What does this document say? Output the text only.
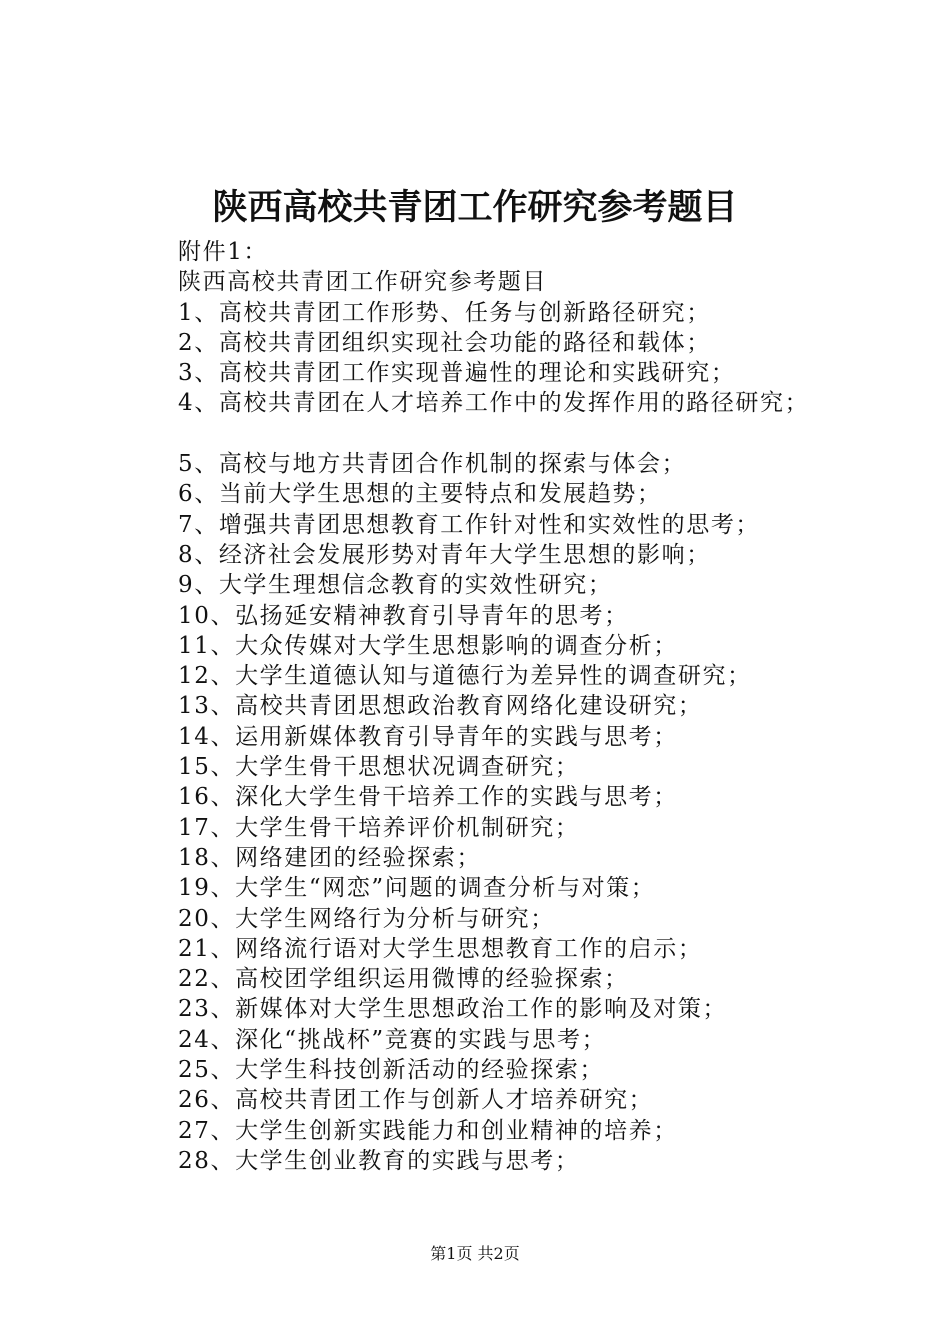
陕西高校共青团工作研究参考题目
附件1：
陕西高校共青团工作研究参考题目
1、高校共青团工作形势、任务与创新路径研究；
2、高校共青团组织实现社会功能的路径和载体；
3、高校共青团工作实现普遍性的理论和实践研究；
4、高校共青团在人才培养工作中的发挥作用的路径研究；
5、高校与地方共青团合作机制的探索与体会；
6、当前大学生思想的主要特点和发展趋势；
7、增强共青团思想教育工作针对性和实效性的思考；
8、经济社会发展形势对青年大学生思想的影响；
9、大学生理想信念教育的实效性研究；
10、弘扬延安精神教育引导青年的思考；
11、大众传媒对大学生思想影响的调查分析；
12、大学生道德认知与道德行为差异性的调查研究；
13、高校共青团思想政治教育网络化建设研究；
14、运用新媒体教育引导青年的实践与思考；
15、大学生骨干思想状况调查研究；
16、深化大学生骨干培养工作的实践与思考；
17、大学生骨干培养评价机制研究；
18、网络建团的经验探索；
19、大学生“网恋”问题的调查分析与对策；
20、大学生网络行为分析与研究；
21、网络流行语对大学生思想教育工作的启示；
22、高校团学组织运用微博的经验探索；
23、新媒体对大学生思想政治工作的影响及对策；
24、深化“挑战杯”竞赛的实践与思考；
25、大学生科技创新活动的经验探索；
26、高校共青团工作与创新人才培养研究；
27、大学生创新实践能力和创业精神的培养；
28、大学生创业教育的实践与思考；
第1页 共2页
